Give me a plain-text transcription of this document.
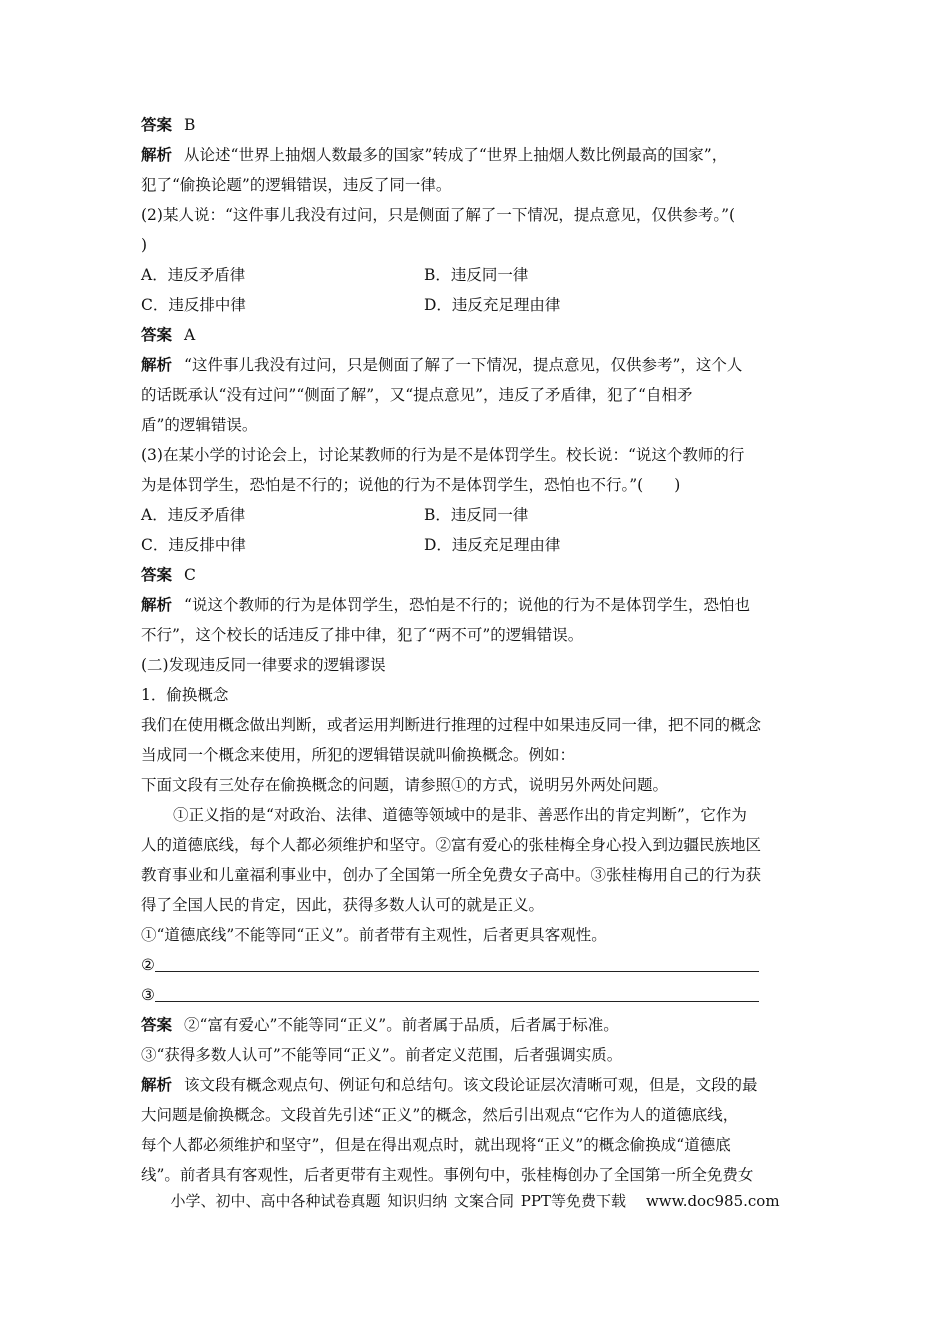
答案 B
解析 从论述“世界上抽烟人数最多的国家”转成了“世界上抽烟人数比例最高的国家”，
犯了“偷换论题”的逻辑错误，违反了同一律。
(2)某人说：“这件事儿我没有过问，只是侧面了解了一下情况，提点意见，仅供参考。”(
)
A．违反矛盾律	B．违反同一律
C．违反排中律	D．违反充足理由律
答案 A
解析 “这件事儿我没有过问，只是侧面了解了一下情况，提点意见，仅供参考”，这个人
的话既承认“没有过问”“侧面了解”，又“提点意见”，违反了矛盾律，犯了“自相矛
盾”的逻辑错误。
(3)在某小学的讨论会上，讨论某教师的行为是不是体罚学生。校长说：“说这个教师的行
为是体罚学生，恐怕是不行的；说他的行为不是体罚学生，恐怕也不行。”(　　)
A．违反矛盾律	B．违反同一律
C．违反排中律	D．违反充足理由律
答案 C
解析 “说这个教师的行为是体罚学生，恐怕是不行的；说他的行为不是体罚学生，恐怕也
不行”，这个校长的话违反了排中律，犯了“两不可”的逻辑错误。
(二)发现违反同一律要求的逻辑谬误
1．偷换概念
我们在使用概念做出判断，或者运用判断进行推理的过程中如果违反同一律，把不同的概念
当成同一个概念来使用，所犯的逻辑错误就叫偷换概念。例如：
下面文段有三处存在偷换概念的问题，请参照①的方式，说明另外两处问题。
①正义指的是“对政治、法律、道德等领域中的是非、善恶作出的肯定判断”，它作为
人的道德底线，每个人都必须维护和坚守。②富有爱心的张桂梅全身心投入到边疆民族地区
教育事业和儿童福利事业中，创办了全国第一所全免费女子高中。③张桂梅用自己的行为获
得了全国人民的肯定，因此，获得多数人认可的就是正义。
①“道德底线”不能等同“正义”。前者带有主观性，后者更具客观性。
②
③
答案 ②“富有爱心”不能等同“正义”。前者属于品质，后者属于标准。
③“获得多数人认可”不能等同“正义”。前者定义范围，后者强调实质。
解析 该文段有概念观点句、例证句和总结句。该文段论证层次清晰可观，但是，文段的最
大问题是偷换概念。文段首先引述“正义”的概念，然后引出观点“它作为人的道德底线，
每个人都必须维护和坚守”，但是在得出观点时，就出现将“正义”的概念偷换成“道德底
线”。前者具有客观性，后者更带有主观性。事例句中，张桂梅创办了全国第一所全免费女
小学、初中、高中各种试卷真题 知识归纳 文案合同 PPT等免费下载 www.doc985.com
